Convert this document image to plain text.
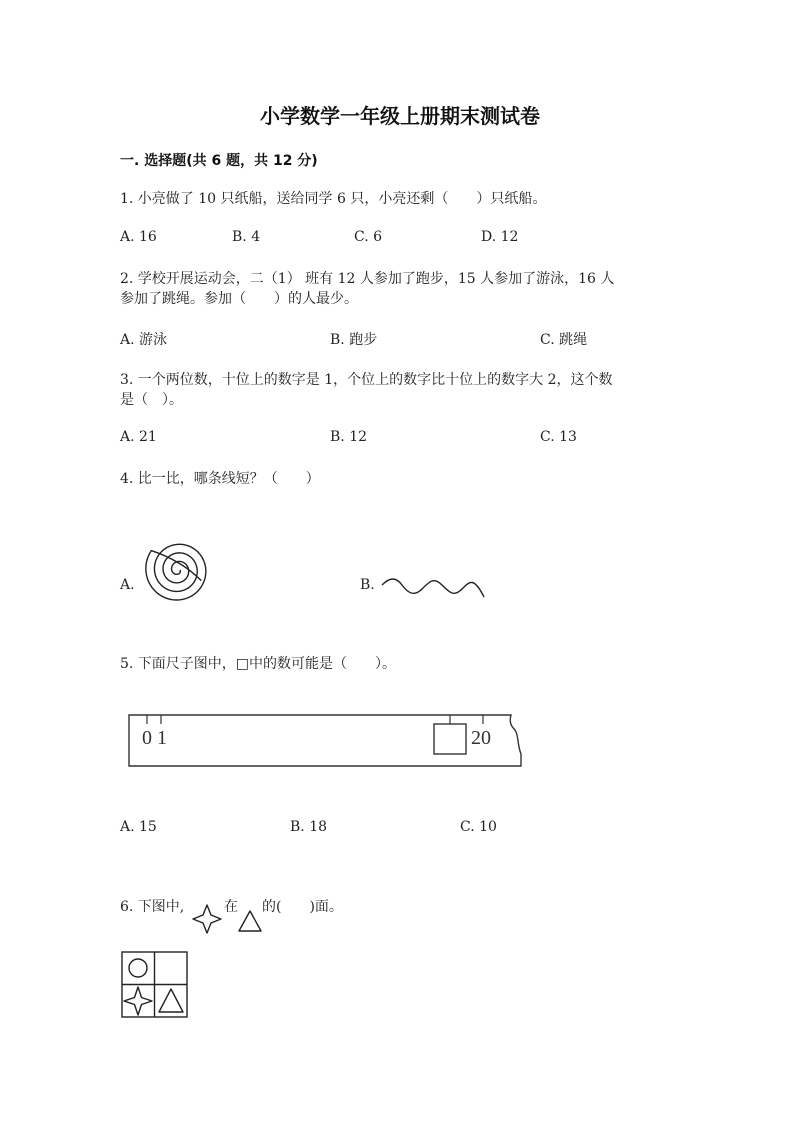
小学数学一年级上册期末测试卷
一. 选择题(共 6 题，共 12 分)
1. 小亮做了 10 只纸船，送给同学 6 只，小亮还剩（　　）只纸船。
A. 16	B. 4	C. 6	D. 12
2. 学校开展运动会，二（1） 班有 12 人参加了跑步，15 人参加了游泳，16 人
参加了跳绳。参加（　　）的人最少。
A. 游泳	B. 跑步	C. 跳绳
3. 一个两位数，十位上的数字是 1，个位上的数字比十位上的数字大 2，这个数
是（　）。
A. 21	B. 12	C. 13
4. 比一比，哪条线短？（　　）
A.	B.
5. 下面尺子图中，□中的数可能是（　　）。
0 1	20
A. 15	B. 18	C. 10
6. 下图中,	在 的(　　)面。
